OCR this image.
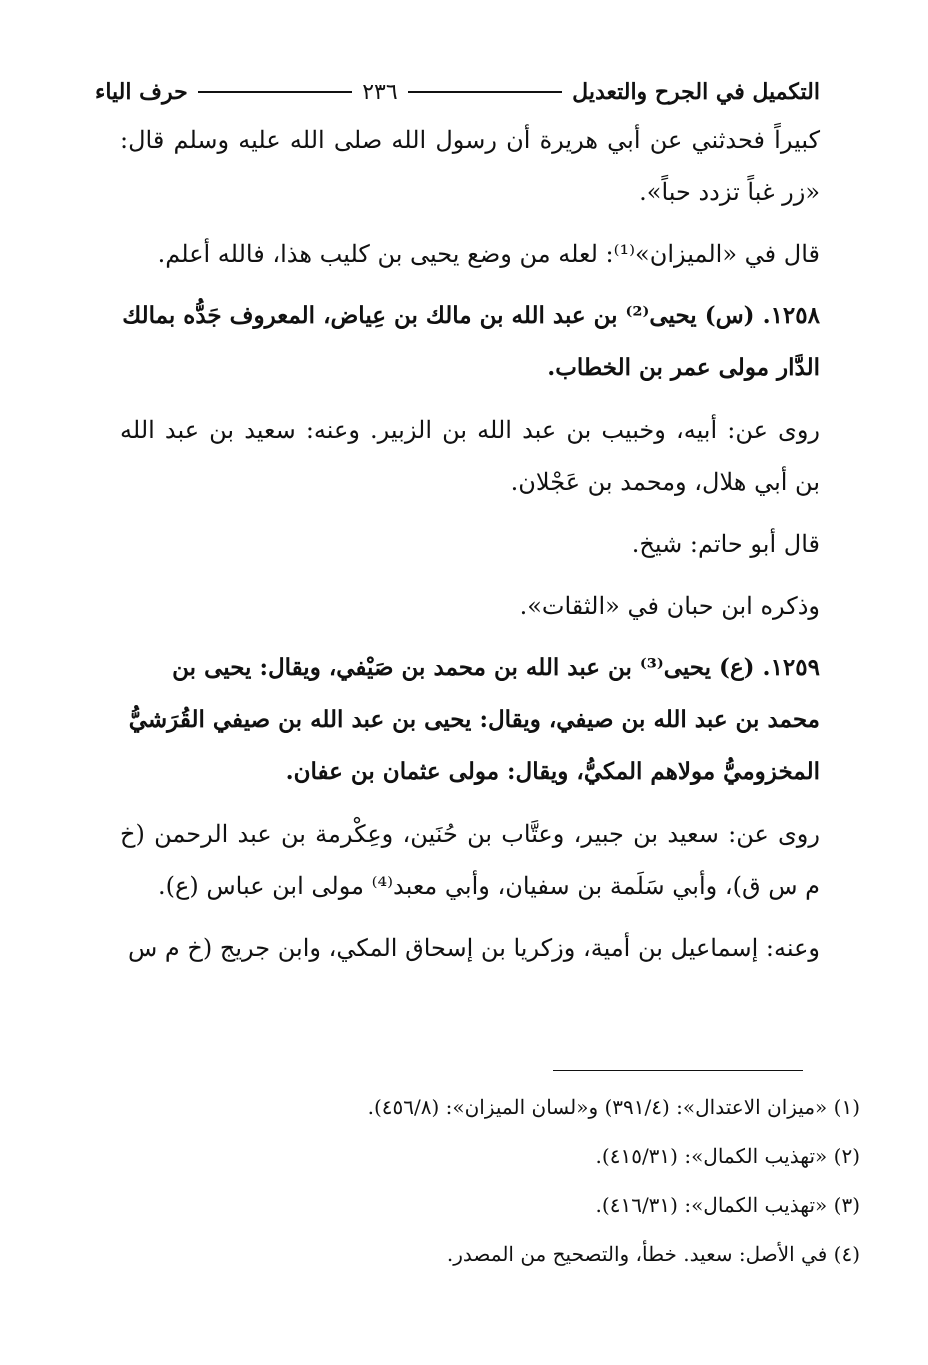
التكميل في الجرح والتعديل
٢٣٦
حرف الياء

كبيراً فحدثني عن أبي هريرة أن رسول الله صلى الله عليه وسلم قال: «زر غباً تزدد حباً».

قال في «الميزان»⁽¹⁾: لعله من وضع يحيى بن كليب هذا، فالله أعلم.

١٢٥٨. (س) يحيى⁽²⁾ بن عبد الله بن مالك بن عِياض، المعروف جَدُّه بمالك الدَّار مولى عمر بن الخطاب.

روى عن: أبيه، وخبيب بن عبد الله بن الزبير. وعنه: سعيد بن عبد الله بن أبي هلال، ومحمد بن عَجْلان.

قال أبو حاتم: شيخ.

وذكره ابن حبان في «الثقات».

١٢٥٩. (ع) يحيى⁽³⁾ بن عبد الله بن محمد بن صَيْفي، ويقال: يحيى بن محمد بن عبد الله بن صيفي، ويقال: يحيى بن عبد الله بن صيفي القُرَشيُّ المخزوميُّ مولاهم المكيُّ، ويقال: مولى عثمان بن عفان.

روى عن: سعيد بن جبير، وعتَّاب بن حُنَين، وعِكْرمة بن عبد الرحمن (خ م س ق)، وأبي سَلَمة بن سفيان، وأبي معبد⁽⁴⁾ مولى ابن عباس (ع).

وعنه: إسماعيل بن أمية، وزكريا بن إسحاق المكي، وابن جريج (خ م س

(١) «ميزان الاعتدال»: (٣٩١/٤) و«لسان الميزان»: (٤٥٦/٨).

(٢) «تهذيب الكمال»: (٤١٥/٣١).

(٣) «تهذيب الكمال»: (٤١٦/٣١).

(٤) في الأصل: سعيد. خطأ، والتصحيح من المصدر.
